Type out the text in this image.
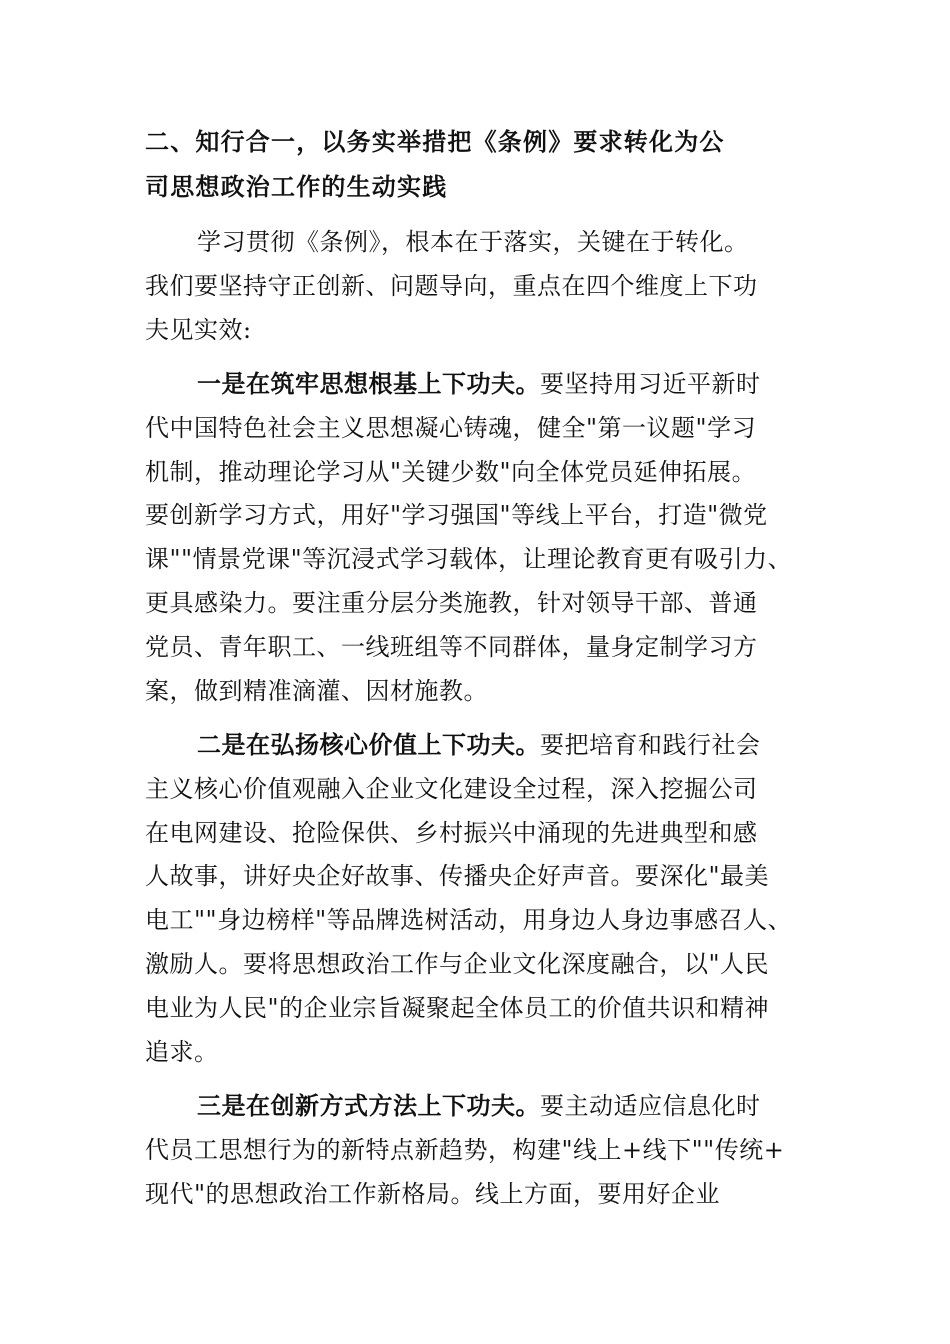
二、知行合一，以务实举措把《条例》要求转化为公
司思想政治工作的生动实践
学习贯彻《条例》，根本在于落实，关键在于转化。
我们要坚持守正创新、问题导向，重点在四个维度上下功
夫见实效:
一是在筑牢思想根基上下功夫。要坚持用习近平新时
代中国特色社会主义思想凝心铸魂，健全"第一议题"学习
机制，推动理论学习从"关键少数"向全体党员延伸拓展。
要创新学习方式，用好"学习强国"等线上平台，打造"微党
课""情景党课"等沉浸式学习载体，让理论教育更有吸引力、
更具感染力。要注重分层分类施教，针对领导干部、普通
党员、青年职工、一线班组等不同群体，量身定制学习方
案，做到精准滴灌、因材施教。
二是在弘扬核心价值上下功夫。要把培育和践行社会
主义核心价值观融入企业文化建设全过程，深入挖掘公司
在电网建设、抢险保供、乡村振兴中涌现的先进典型和感
人故事，讲好央企好故事、传播央企好声音。要深化"最美
电工""身边榜样"等品牌选树活动，用身边人身边事感召人、
激励人。要将思想政治工作与企业文化深度融合，以"人民
电业为人民"的企业宗旨凝聚起全体员工的价值共识和精神
追求。
三是在创新方式方法上下功夫。要主动适应信息化时
代员工思想行为的新特点新趋势，构建"线上+线下""传统+
现代"的思想政治工作新格局。线上方面，要用好企业
